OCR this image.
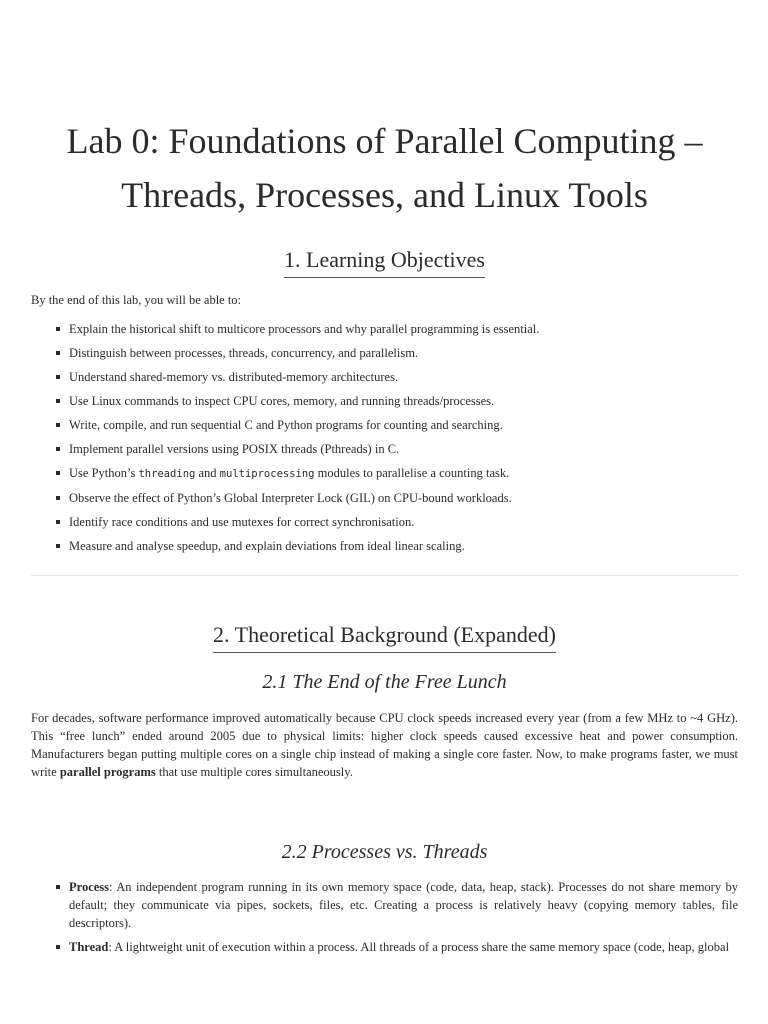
Lab 0: Foundations of Parallel Computing – Threads, Processes, and Linux Tools
1. Learning Objectives

By the end of this lab, you will be able to:

Explain the historical shift to multicore processors and why parallel programming is essential.
Distinguish between processes, threads, concurrency, and parallelism.
Understand shared-memory vs. distributed-memory architectures.
Use Linux commands to inspect CPU cores, memory, and running threads/processes.
Write, compile, and run sequential C and Python programs for counting and searching.
Implement parallel versions using POSIX threads (Pthreads) in C.
Use Python’s threading and multiprocessing modules to parallelise a counting task.
Observe the effect of Python’s Global Interpreter Lock (GIL) on CPU-bound workloads.
Identify race conditions and use mutexes for correct synchronisation.
Measure and analyse speedup, and explain deviations from ideal linear scaling.
2. Theoretical Background (Expanded)
2.1 The End of the Free Lunch

For decades, software performance improved automatically because CPU clock speeds increased every year (from a few MHz to ~4 GHz). This “free lunch” ended around 2005 due to physical limits: higher clock speeds caused excessive heat and power consumption. Manufacturers began putting multiple cores on a single chip instead of making a single core faster. Now, to make programs faster, we must write parallel programs that use multiple cores simultaneously.

2.2 Processes vs. Threads
Process: An independent program running in its own memory space (code, data, heap, stack). Processes do not share memory by default; they communicate via pipes, sockets, files, etc. Creating a process is relatively heavy (copying memory tables, file descriptors).
Thread: A lightweight unit of execution within a process. All threads of a process share the same memory space (code, heap, global
